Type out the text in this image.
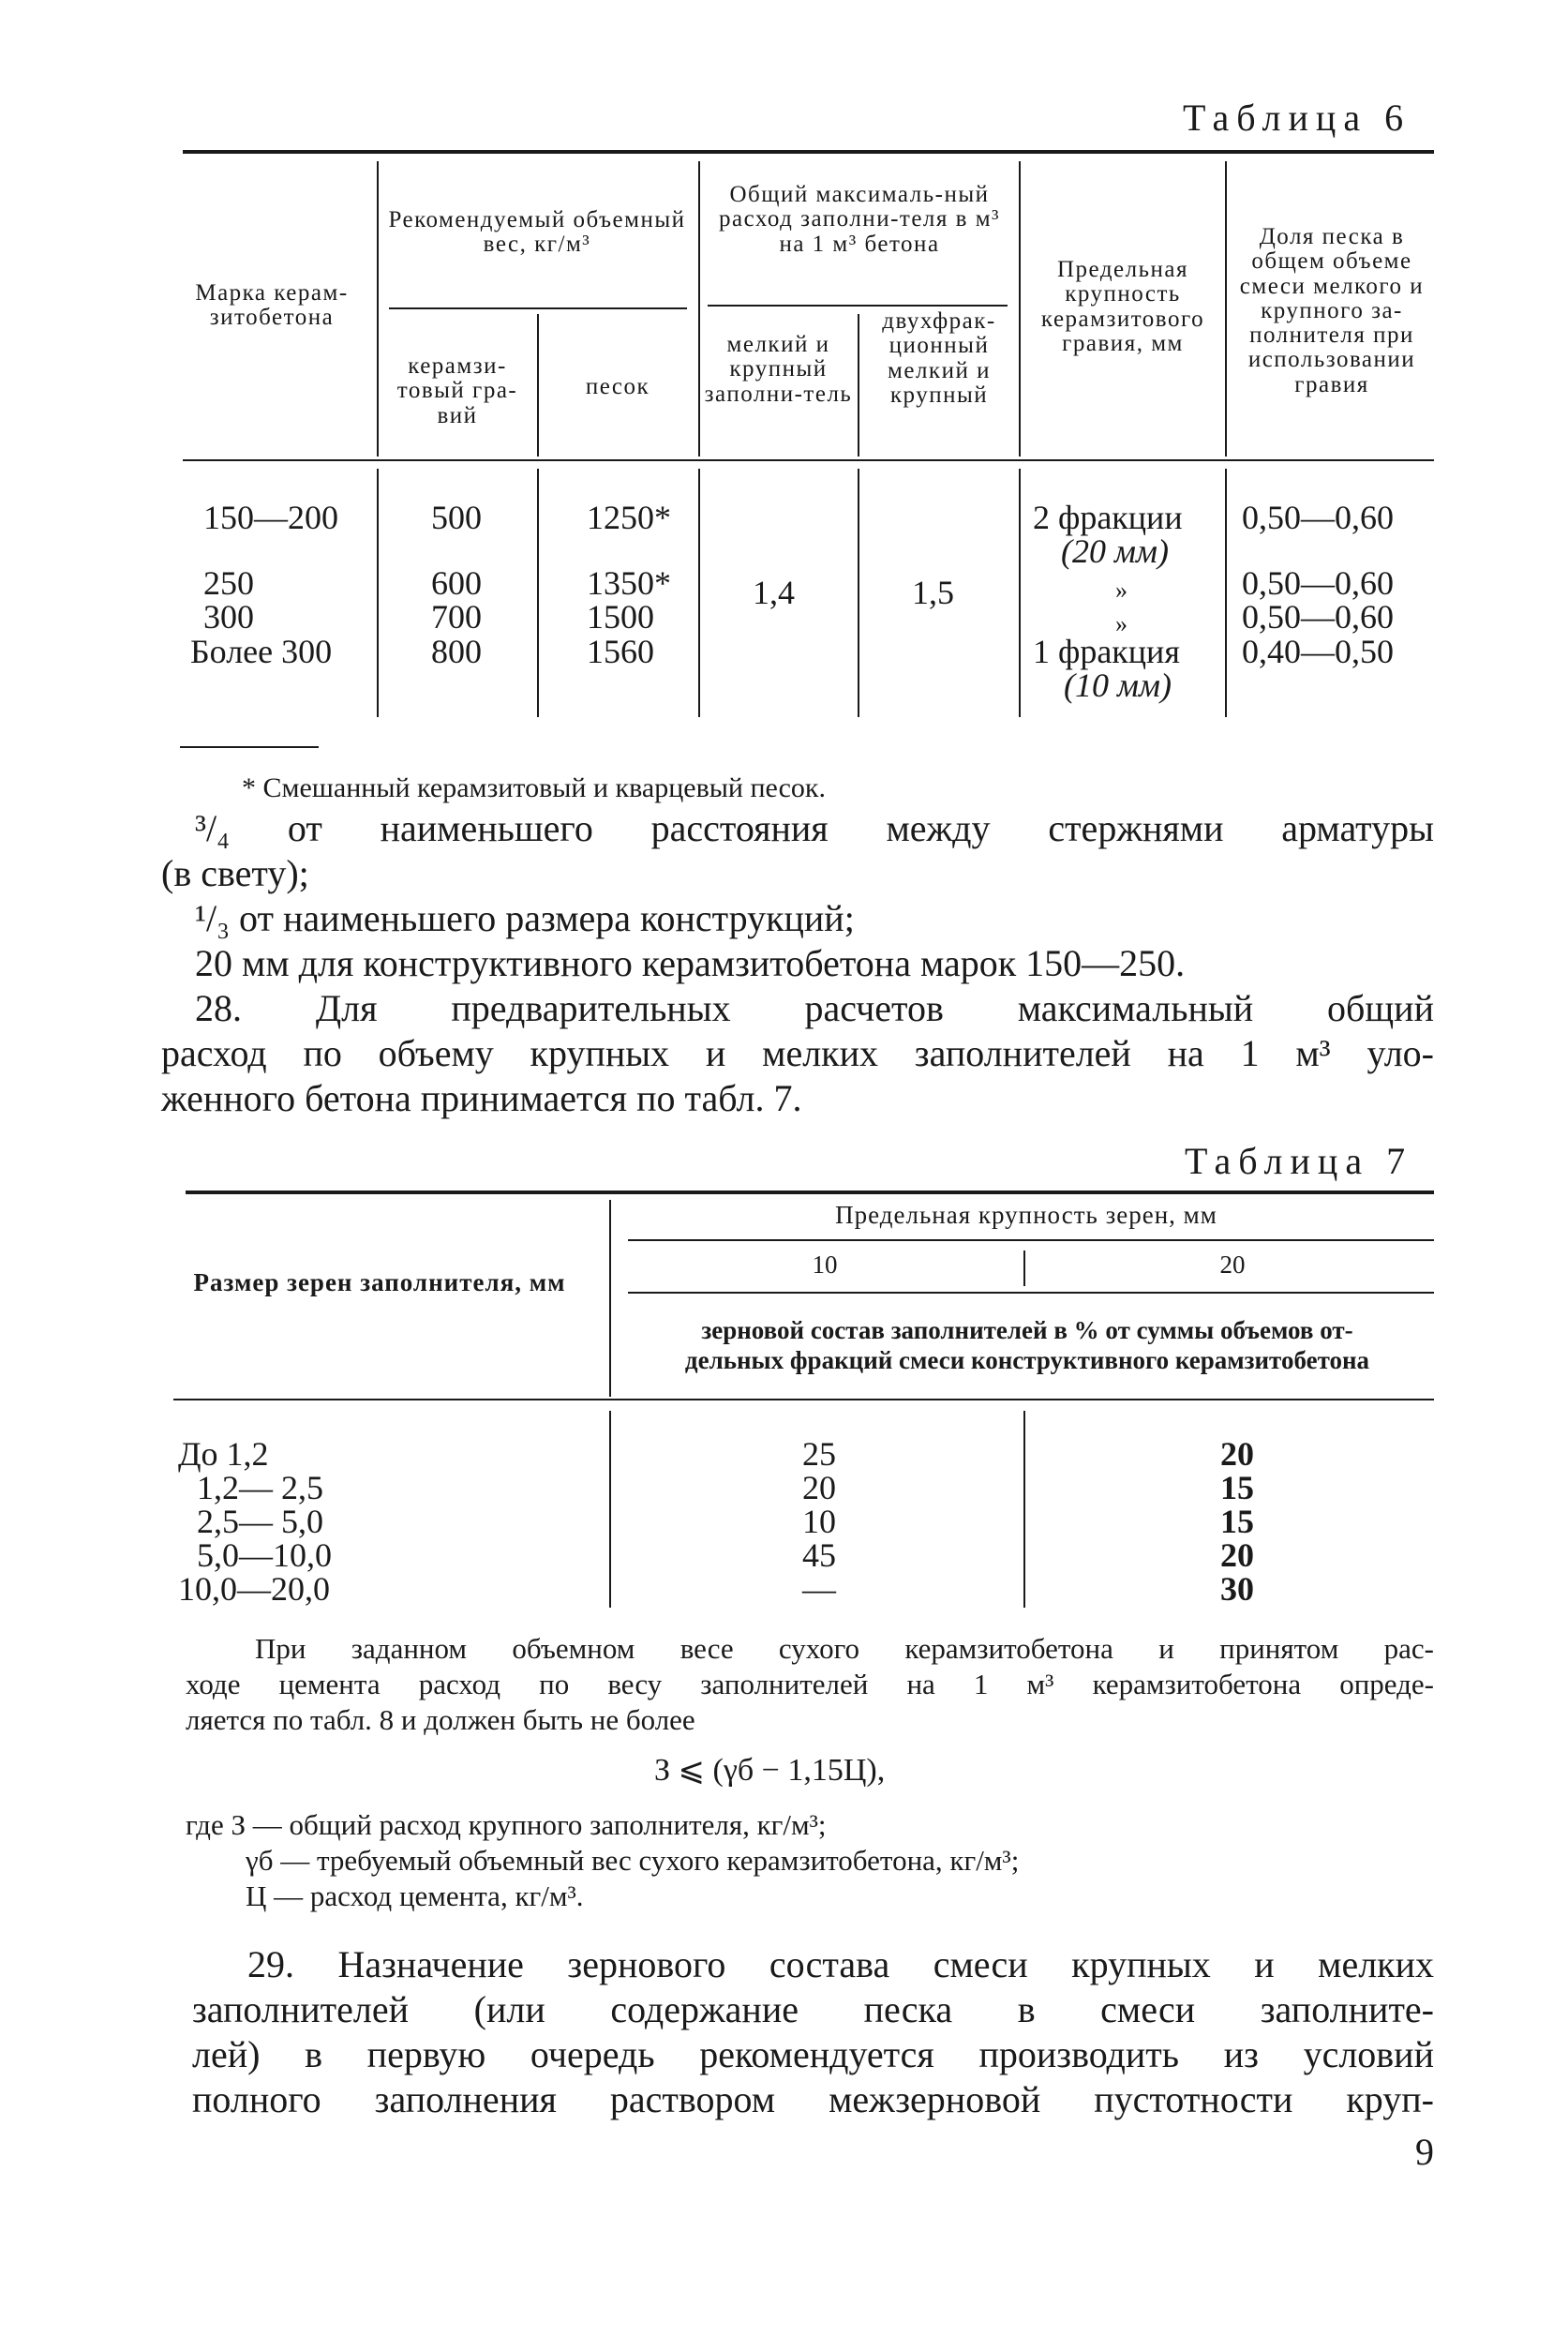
Таблица 6
Марка керам-зитобетона
Рекомендуемый объемный вес, кг/м³
керамзи-товый гра-вий
песок
Общий максималь-ный расход заполни-теля в м³ на 1 м³ бетона
мелкий и крупный заполни-тель
двухфрак-ционный мелкий и крупный
Предельная крупность керамзитового гравия, мм
Доля песка в общем объеме смеси мелкого и крупного за-полнителя при использовании гравия
150—200
250
300
Более 300
500
600
700
800
1250*
1350*
1500
1560
1,4	1,5
2 фракции
(20 мм)
»
»
1 фракция
(10 мм)
0,50—0,60
0,50—0,60
0,50—0,60
0,40—0,50
* Смешанный керамзитовый и кварцевый песок.
³/₄ от наименьшего расстояния между стержнями арматуры
(в свету);
¹/₃ от наименьшего размера конструкций;
20 мм для конструктивного керамзитобетона марок 150—250.
28. Для предварительных расчетов максимальный общий
расход по объему крупных и мелких заполнителей на 1 м³ уло-
женного бетона принимается по табл. 7.
Таблица 7
Размер зерен заполнителя, мм
Предельная крупность зерен, мм
10	20
зерновой состав заполнителей в % от суммы объемов от-
дельных фракций смеси конструктивного керамзитобетона
До 1,2
1,2— 2,5
2,5— 5,0
5,0—10,0
10,0—20,0
25
20
10
45
—
20
15
15
20
30
При заданном объемном весе сухого керамзитобетона и принятом рас-
ходе цемента расход по весу заполнителей на 1 м³ керамзитобетона опреде-
ляется по табл. 8 и должен быть не более
З ⩽ (γб − 1,15Ц),
где З — общий расход крупного заполнителя, кг/м³;
γб — требуемый объемный вес сухого керамзитобетона, кг/м³;
Ц — расход цемента, кг/м³.
29. Назначение зернового состава смеси крупных и мелких
заполнителей (или содержание песка в смеси заполните-
лей) в первую очередь рекомендуется производить из условий
полного заполнения раствором межзерновой пустотности круп-
9
